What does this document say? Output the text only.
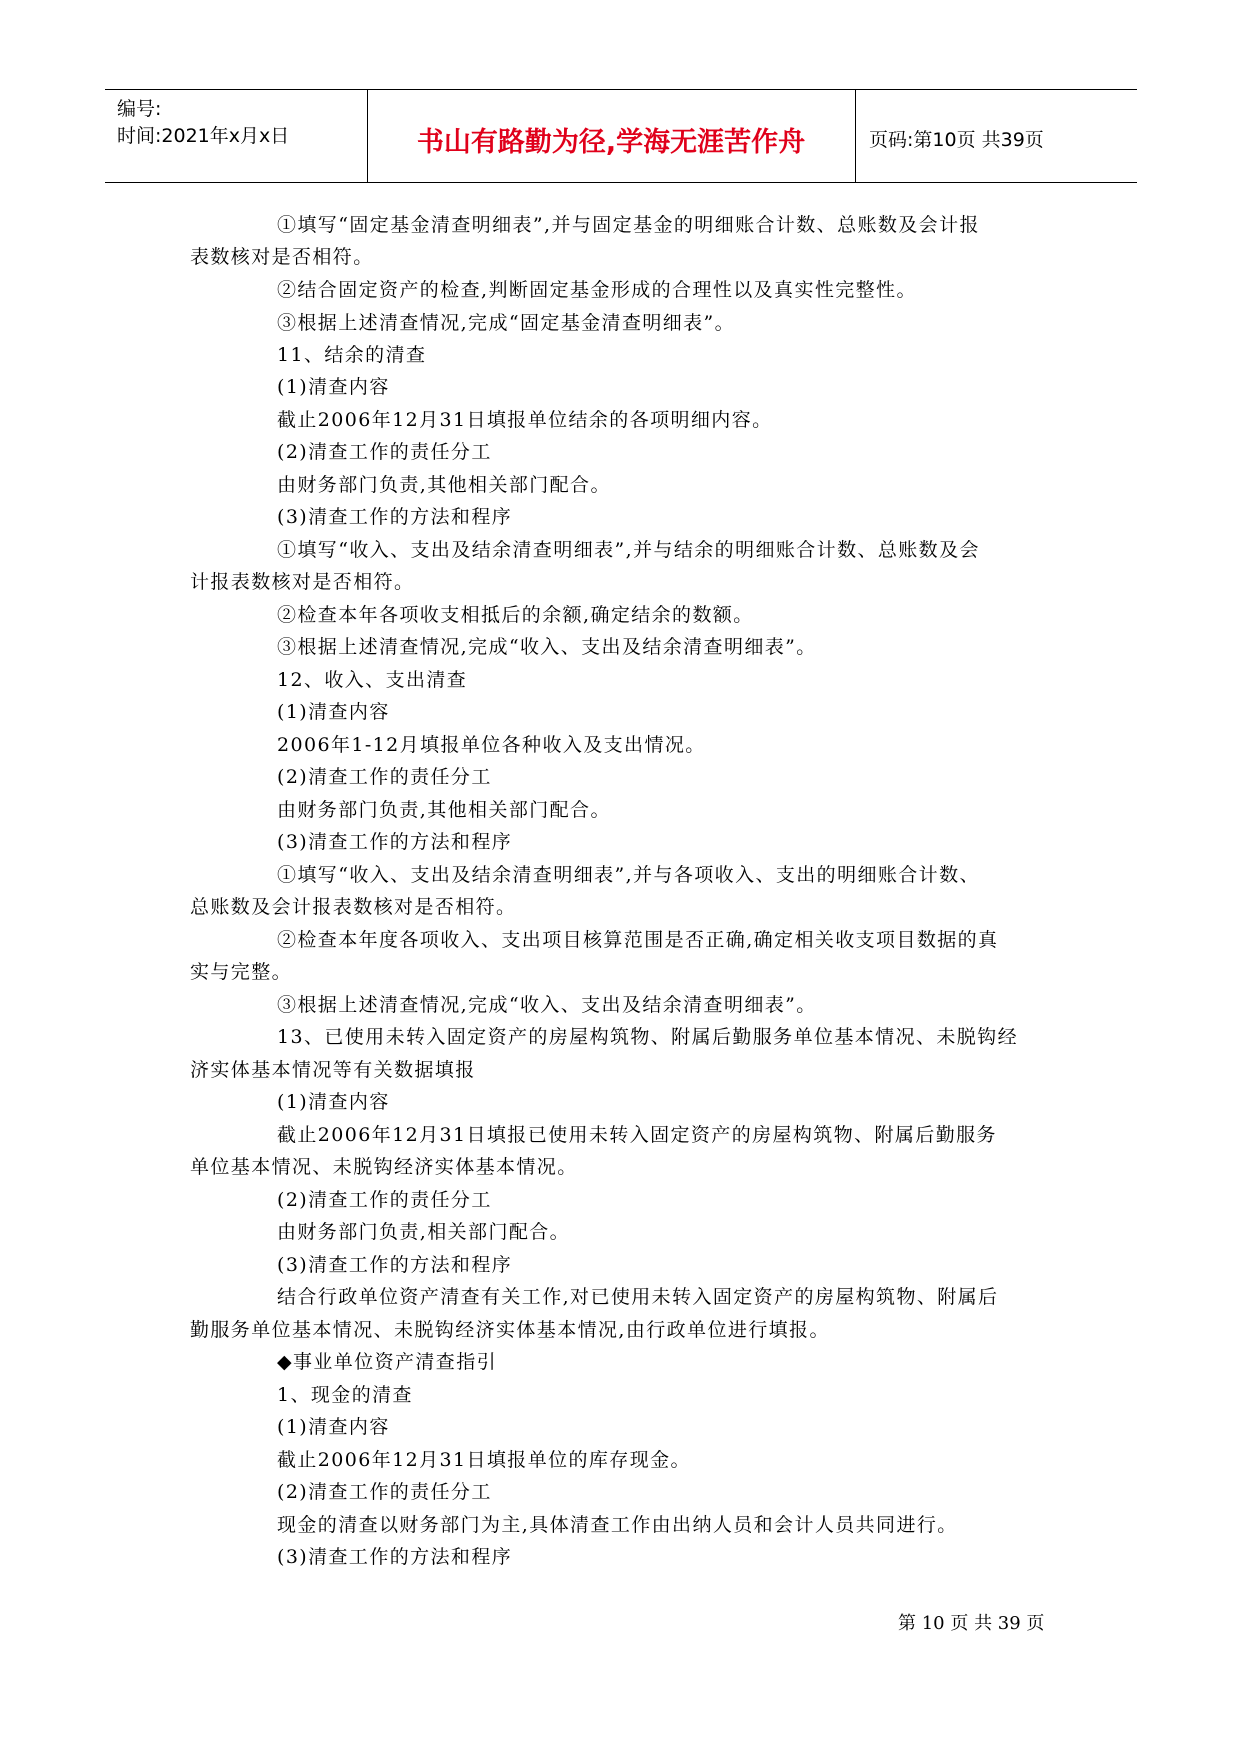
编号:
时间:2021年x月x日	书山有路勤为径,学海无涯苦作舟	页码:第10页 共39页
①填写“固定基金清查明细表”,并与固定基金的明细账合计数、总账数及会计报
表数核对是否相符。
②结合固定资产的检查,判断固定基金形成的合理性以及真实性完整性。
③根据上述清查情况,完成“固定基金清查明细表”。
11、结余的清查
(1)清查内容
截止2006年12月31日填报单位结余的各项明细内容。
(2)清查工作的责任分工
由财务部门负责,其他相关部门配合。
(3)清查工作的方法和程序
①填写“收入、支出及结余清查明细表”,并与结余的明细账合计数、总账数及会
计报表数核对是否相符。
②检查本年各项收支相抵后的余额,确定结余的数额。
③根据上述清查情况,完成“收入、支出及结余清查明细表”。
12、收入、支出清查
(1)清查内容
2006年1-12月填报单位各种收入及支出情况。
(2)清查工作的责任分工
由财务部门负责,其他相关部门配合。
(3)清查工作的方法和程序
①填写“收入、支出及结余清查明细表”,并与各项收入、支出的明细账合计数、
总账数及会计报表数核对是否相符。
②检查本年度各项收入、支出项目核算范围是否正确,确定相关收支项目数据的真
实与完整。
③根据上述清查情况,完成“收入、支出及结余清查明细表”。
13、已使用未转入固定资产的房屋构筑物、附属后勤服务单位基本情况、未脱钩经
济实体基本情况等有关数据填报
(1)清查内容
截止2006年12月31日填报已使用未转入固定资产的房屋构筑物、附属后勤服务
单位基本情况、未脱钩经济实体基本情况。
(2)清查工作的责任分工
由财务部门负责,相关部门配合。
(3)清查工作的方法和程序
结合行政单位资产清查有关工作,对已使用未转入固定资产的房屋构筑物、附属后
勤服务单位基本情况、未脱钩经济实体基本情况,由行政单位进行填报。
◆事业单位资产清查指引
1、现金的清查
(1)清查内容
截止2006年12月31日填报单位的库存现金。
(2)清查工作的责任分工
现金的清查以财务部门为主,具体清查工作由出纳人员和会计人员共同进行。
(3)清查工作的方法和程序
第 10 页 共 39 页
